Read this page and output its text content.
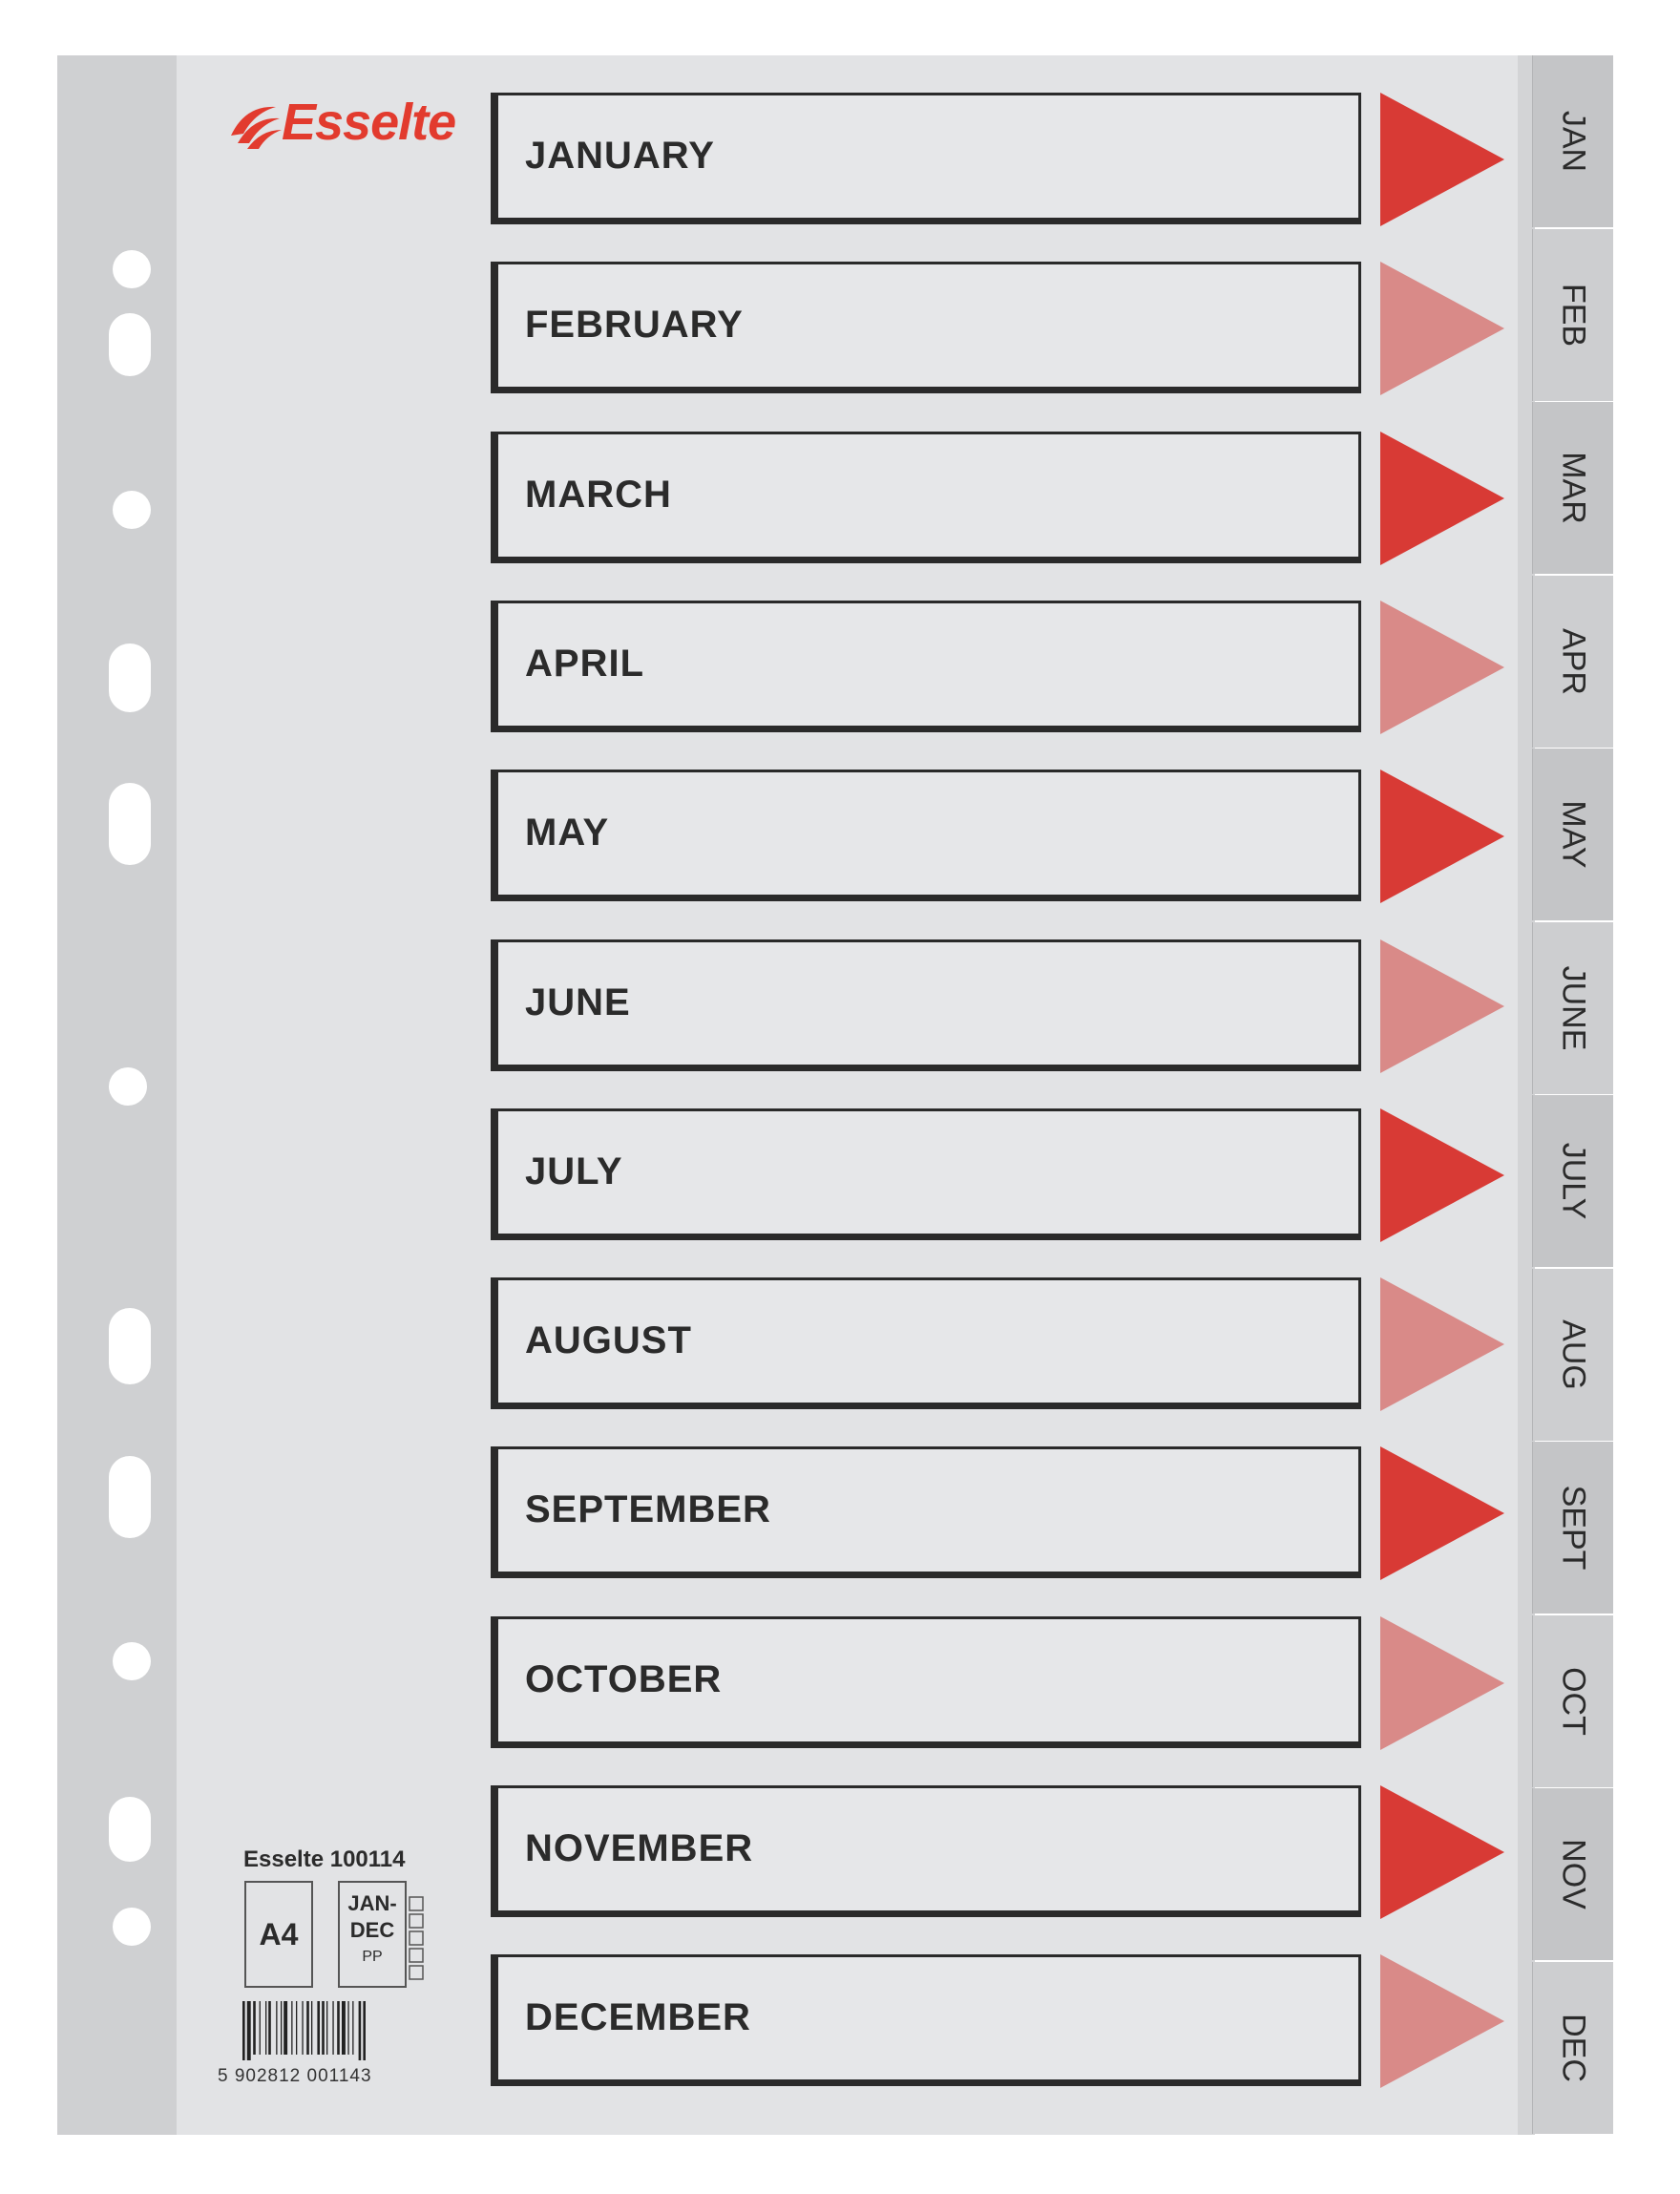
Esselte
JANUARY
FEBRUARY
MARCH
APRIL
MAY
JUNE
JULY
AUGUST
SEPTEMBER
OCTOBER
NOVEMBER
DECEMBER
JAN
FEB
MAR
APR
MAY
JUNE
JULY
AUG
SEPT
OCT
NOV
DEC
Esselte 100114
A4
JAN-
DEC
PP
5 902812 001143
